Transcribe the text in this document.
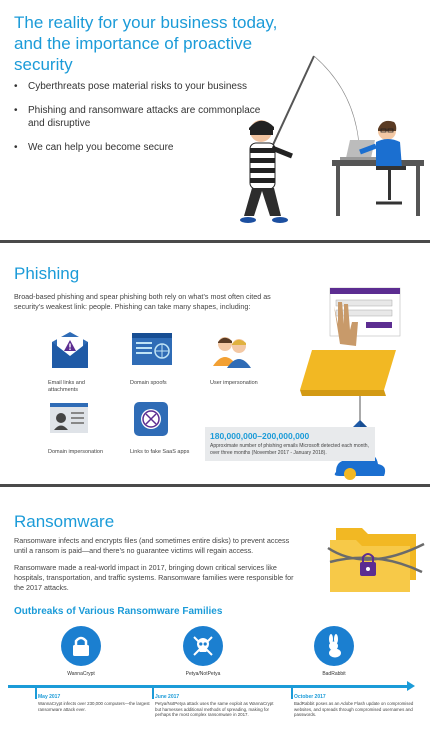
The reality for your business today,
and the importance of proactive security
• Cyberthreats pose material risks to your business
• Phishing and ransomware attacks are commonplace and disruptive
• We can help you become secure
Phishing
Broad-based phishing and spear phishing both rely on what’s most often cited as security’s weakest link: people. Phishing can take many shapes, including:
Email links and attachments
Domain spoofs	User impersonation
Domain impersonation	Links to fake SaaS apps
180,000,000–200,000,000
Approximate number of phishing emails Microsoft detected each month, over three months (November 2017 - January 2018).
Ransomware
Ransomware infects and encrypts files (and sometimes entire disks) to prevent access until a ransom is paid—and there’s no guarantee victims will regain access.
Ransomware made a real-world impact in 2017, bringing down critical services like hospitals, transportation, and traffic systems. Ransomware families were responsible for the 2017 attacks.
Outbreaks of Various Ransomware Families
WannaCrypt	Petya/NotPetya	BadRabbit
May 2017
WannaCrypt infects over 230,000 computers—the largest ransomware attack ever.
June 2017
Petya/NotPetya attack uses the same exploit as WannaCrypt but harnesses additional methods of spreading, making for perhaps the most complex ransomware in 2017.
October 2017
BadRabbit poses as an Adobe Flash update on compromised websites, and spreads through compromised usernames and passwords.
